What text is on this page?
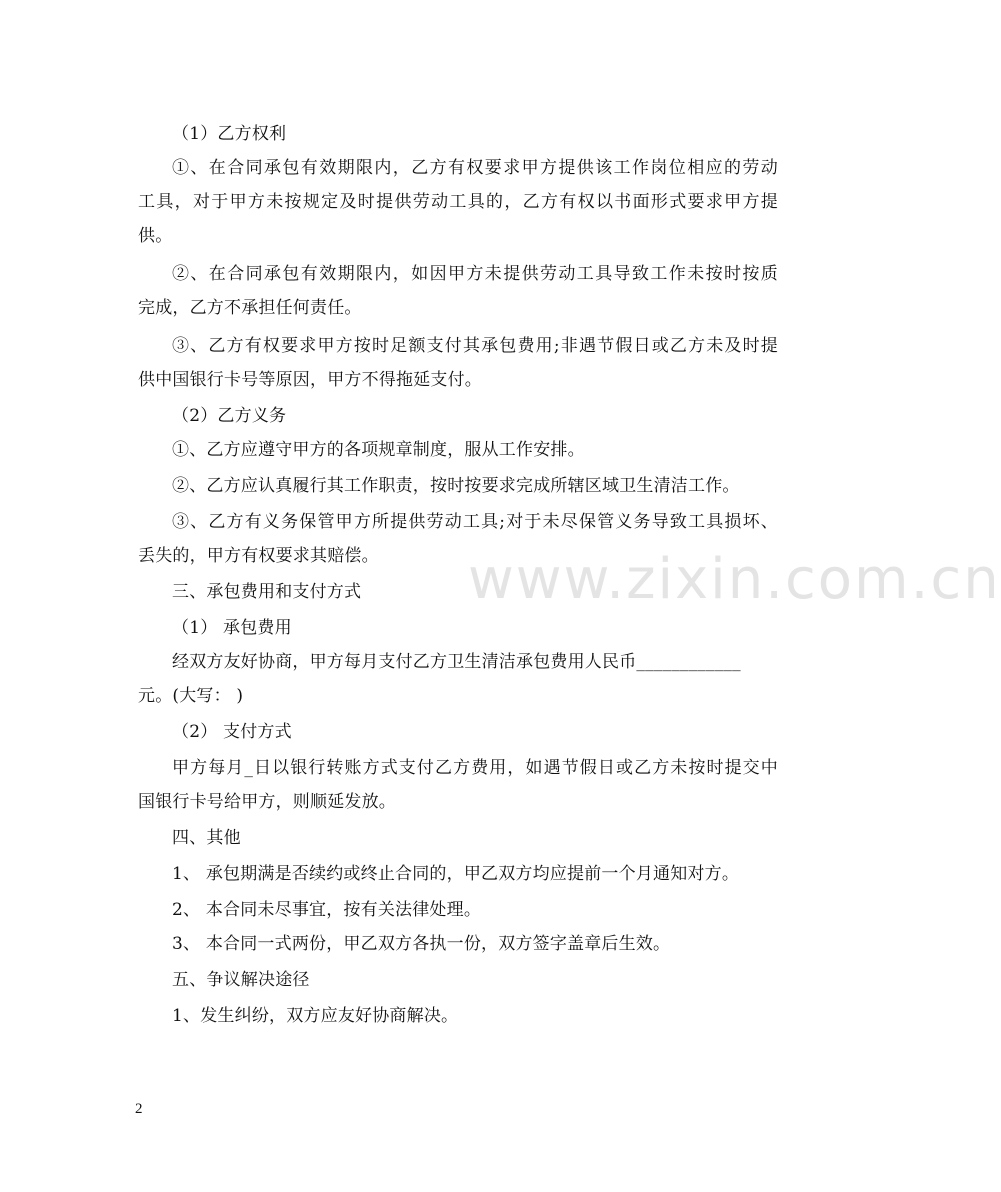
www.zixin.com.cn
（1）乙方权利
①、在合同承包有效期限内，乙方有权要求甲方提供该工作岗位相应的劳动
工具，对于甲方未按规定及时提供劳动工具的，乙方有权以书面形式要求甲方提
供。
②、在合同承包有效期限内，如因甲方未提供劳动工具导致工作未按时按质
完成，乙方不承担任何责任。
③、乙方有权要求甲方按时足额支付其承包费用;非遇节假日或乙方未及时提
供中国银行卡号等原因，甲方不得拖延支付。
（2）乙方义务
①、乙方应遵守甲方的各项规章制度，服从工作安排。
②、乙方应认真履行其工作职责，按时按要求完成所辖区域卫生清洁工作。
③、乙方有义务保管甲方所提供劳动工具;对于未尽保管义务导致工具损坏、
丢失的，甲方有权要求其赔偿。
三、承包费用和支付方式
（1） 承包费用
经双方友好协商，甲方每月支付乙方卫生清洁承包费用人民币____________
元。(大写： )
（2） 支付方式
甲方每月_日以银行转账方式支付乙方费用，如遇节假日或乙方未按时提交中
国银行卡号给甲方，则顺延发放。
四、其他
1、 承包期满是否续约或终止合同的，甲乙双方均应提前一个月通知对方。
2、 本合同未尽事宜，按有关法律处理。
3、 本合同一式两份，甲乙双方各执一份，双方签字盖章后生效。
五、争议解决途径
1、发生纠纷，双方应友好协商解决。
2
